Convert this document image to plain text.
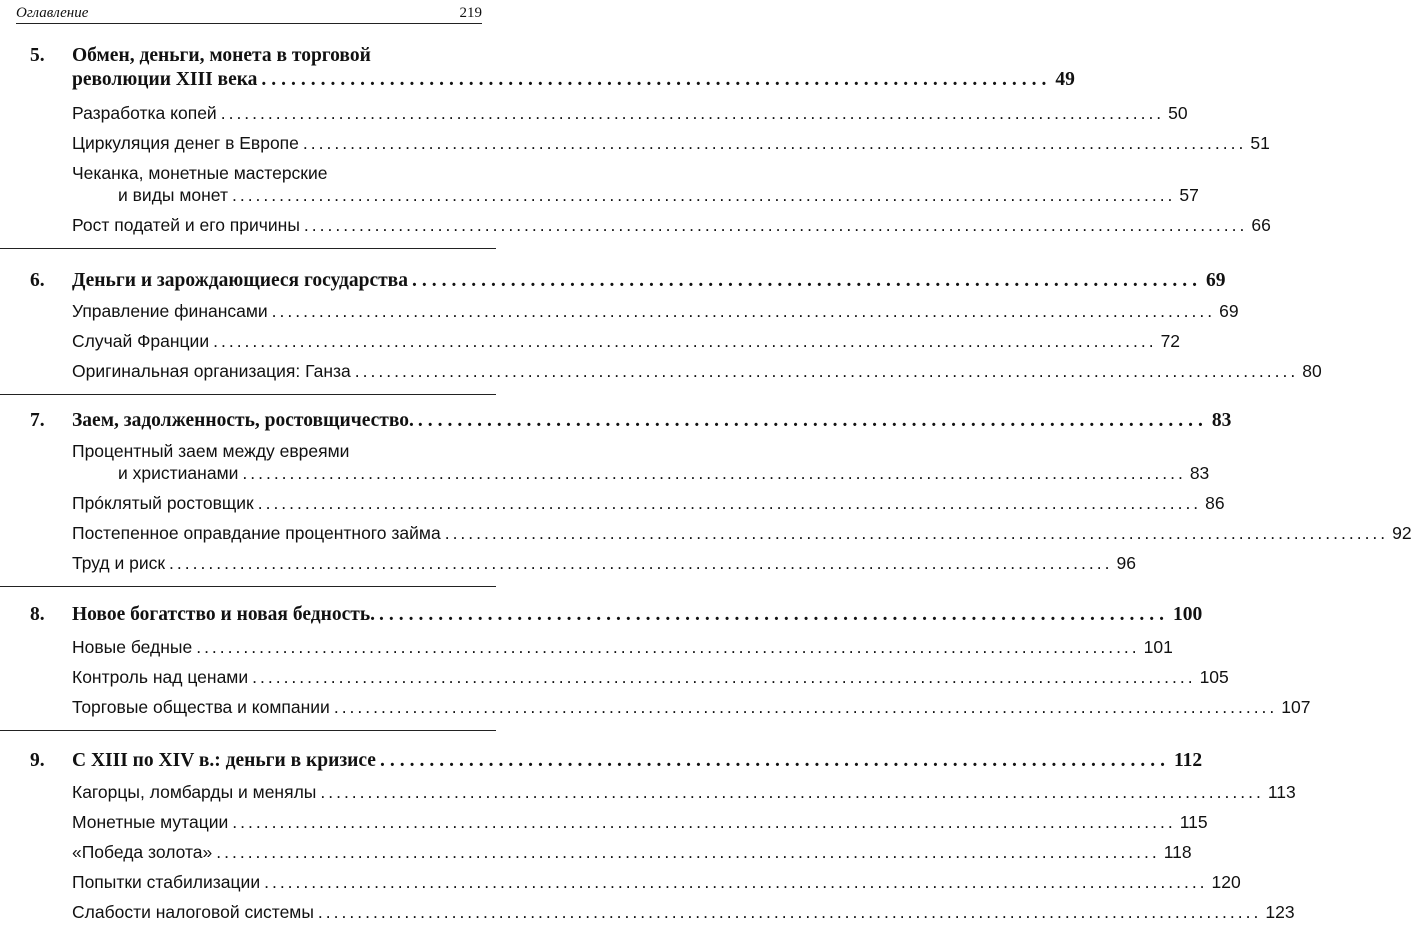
Оглавление	219
5. Обмен, деньги, монета в торговой
революции XIII века ................................................................................ 49
Разработка копей ........................................................................................................................ 50
Циркуляция денег в Европе ........................................................................................................................ 51
Чеканка, монетные мастерские
и виды монет ........................................................................................................................ 57
Рост податей и его причины ........................................................................................................................ 66
6. Деньги и зарождающиеся государства ................................................................................ 69
Управление финансами ........................................................................................................................ 69
Случай Франции ........................................................................................................................ 72
Оригинальная организация: Ганза ........................................................................................................................ 80
7. Заем, задолженность, ростовщичество. ................................................................................ 83
Процентный заем между евреями
и христианами ........................................................................................................................ 83
Прóклятый ростовщик ........................................................................................................................ 86
Постепенное оправдание процентного займа ........................................................................................................................ 92
Труд и риск ........................................................................................................................ 96
8. Новое богатство и новая бедность. ................................................................................ 100
Новые бедные ........................................................................................................................ 101
Контроль над ценами ........................................................................................................................ 105
Торговые общества и компании ........................................................................................................................ 107
9. С XIII по XIV в.: деньги в кризисе ................................................................................ 112
Кагорцы, ломбарды и менялы ........................................................................................................................ 113
Монетные мутации ........................................................................................................................ 115
«Победа золота» ........................................................................................................................ 118
Попытки стабилизации ........................................................................................................................ 120
Слабости налоговой системы ........................................................................................................................ 123
